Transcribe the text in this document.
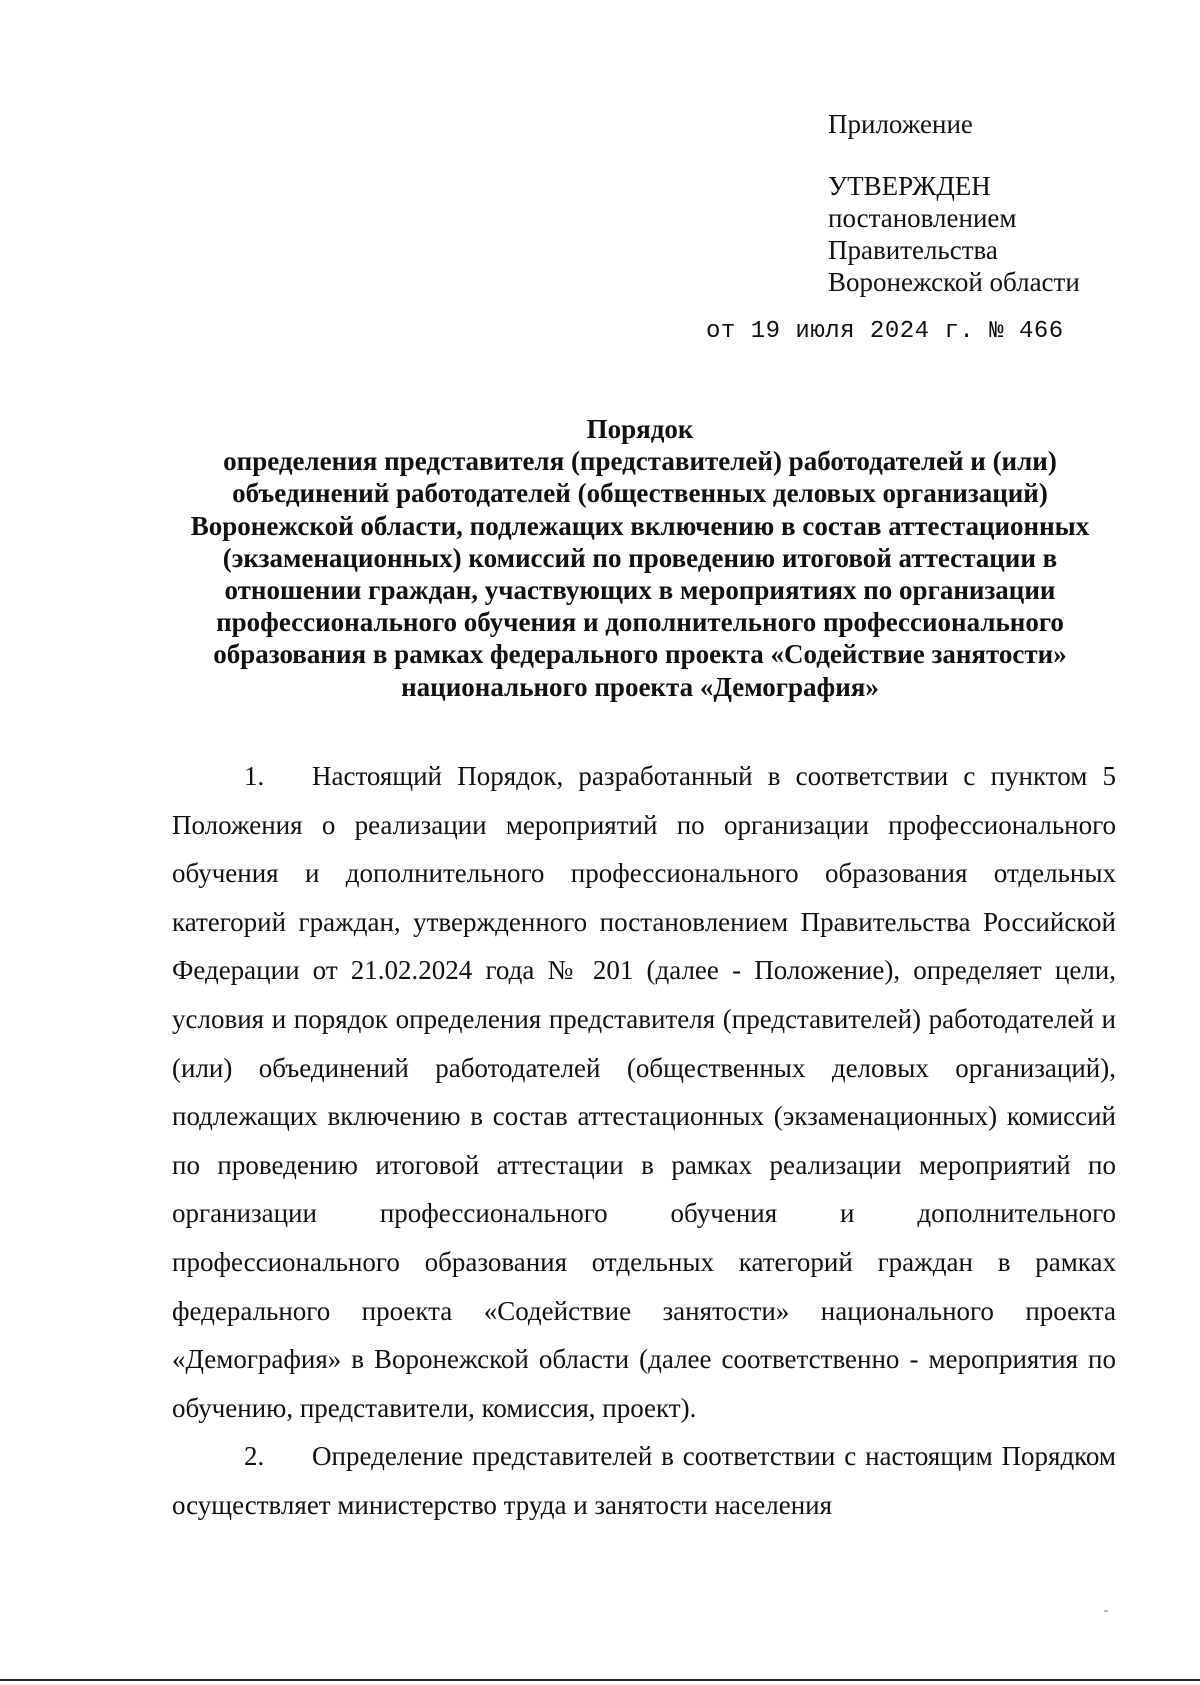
Приложение
УТВЕРЖДЕН
постановлением
Правительства
Воронежской области
от 19 июля 2024 г. № 466
Порядок
определения представителя (представителей) работодателей и (или)
объединений работодателей (общественных деловых организаций)
Воронежской области, подлежащих включению в состав аттестационных
(экзаменационных) комиссий по проведению итоговой аттестации в
отношении граждан, участвующих в мероприятиях по организации
профессионального обучения и дополнительного профессионального
образования в рамках федерального проекта «Содействие занятости»
национального проекта «Демография»

1. Настоящий Порядок, разработанный в соответствии с пунктом 5 Положения о реализации мероприятий по организации профессионального обучения и дополнительного профессионального образования отдельных категорий граждан, утвержденного постановлением Правительства Российской Федерации от 21.02.2024 года № 201 (далее - Положение), определяет цели, условия и порядок определения представителя (представителей) работодателей и (или) объединений работодателей (общественных деловых организаций), подлежащих включению в состав аттестационных (экзаменационных) комиссий по проведению итоговой аттестации в рамках реализации мероприятий по организации профессионального обучения и дополнительного профессионального образования отдельных категорий граждан в рамках федерального проекта «Содействие занятости» национального проекта «Демография» в Воронежской области (далее соответственно - мероприятия по обучению, представители, комиссия, проект).

2. Определение представителей в соответствии с настоящим Порядком осуществляет министерство труда и занятости населения
